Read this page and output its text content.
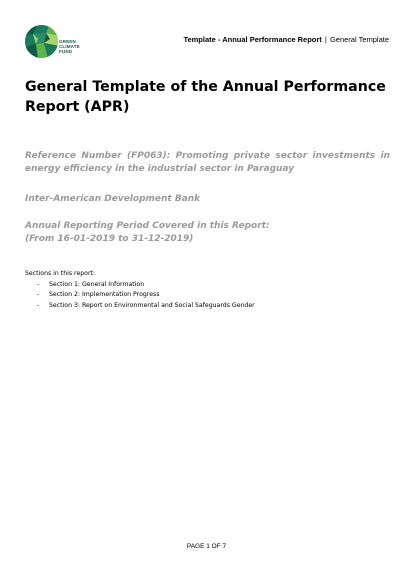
GREEN
CLIMATE
FUND
Template - Annual Performance Report | General Template
General Template of the Annual Performance Report (APR)
Reference Number (FP063): Promoting private sector investments in energy efficiency in the industrial sector in Paraguay
Inter-American Development Bank
Annual Reporting Period Covered in this Report:
(From 16-01-2019 to 31-12-2019)
Sections in this report:
- Section 1: General Information
- Section 2: Implementation Progress
- Section 3: Report on Environmental and Social Safeguards Gender
PAGE 1 OF 7
